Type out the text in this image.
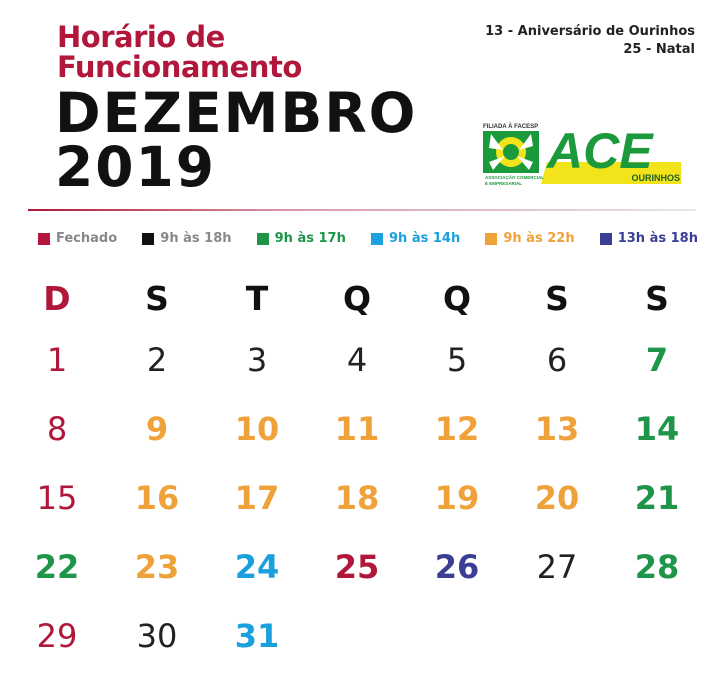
Horário de
Funcionamento
DEZEMBRO
2019
13 - Aniversário de Ourinhos
25 - Natal
FILIADA À FACESP ACE
ASSOCIAÇÃO COMERCIAL
E EMPRESARIAL
OURINHOS
Fechado	9h às 18h	9h às 17h	9h às 14h	9h às 22h	13h às 18h
D	S	T	Q	Q	S	S
1	2	3	4	5	6	7
8	9	10	11	12	13	14
15	16	17	18	19	20	21
22	23	24	25	26	27	28
29	30	31
